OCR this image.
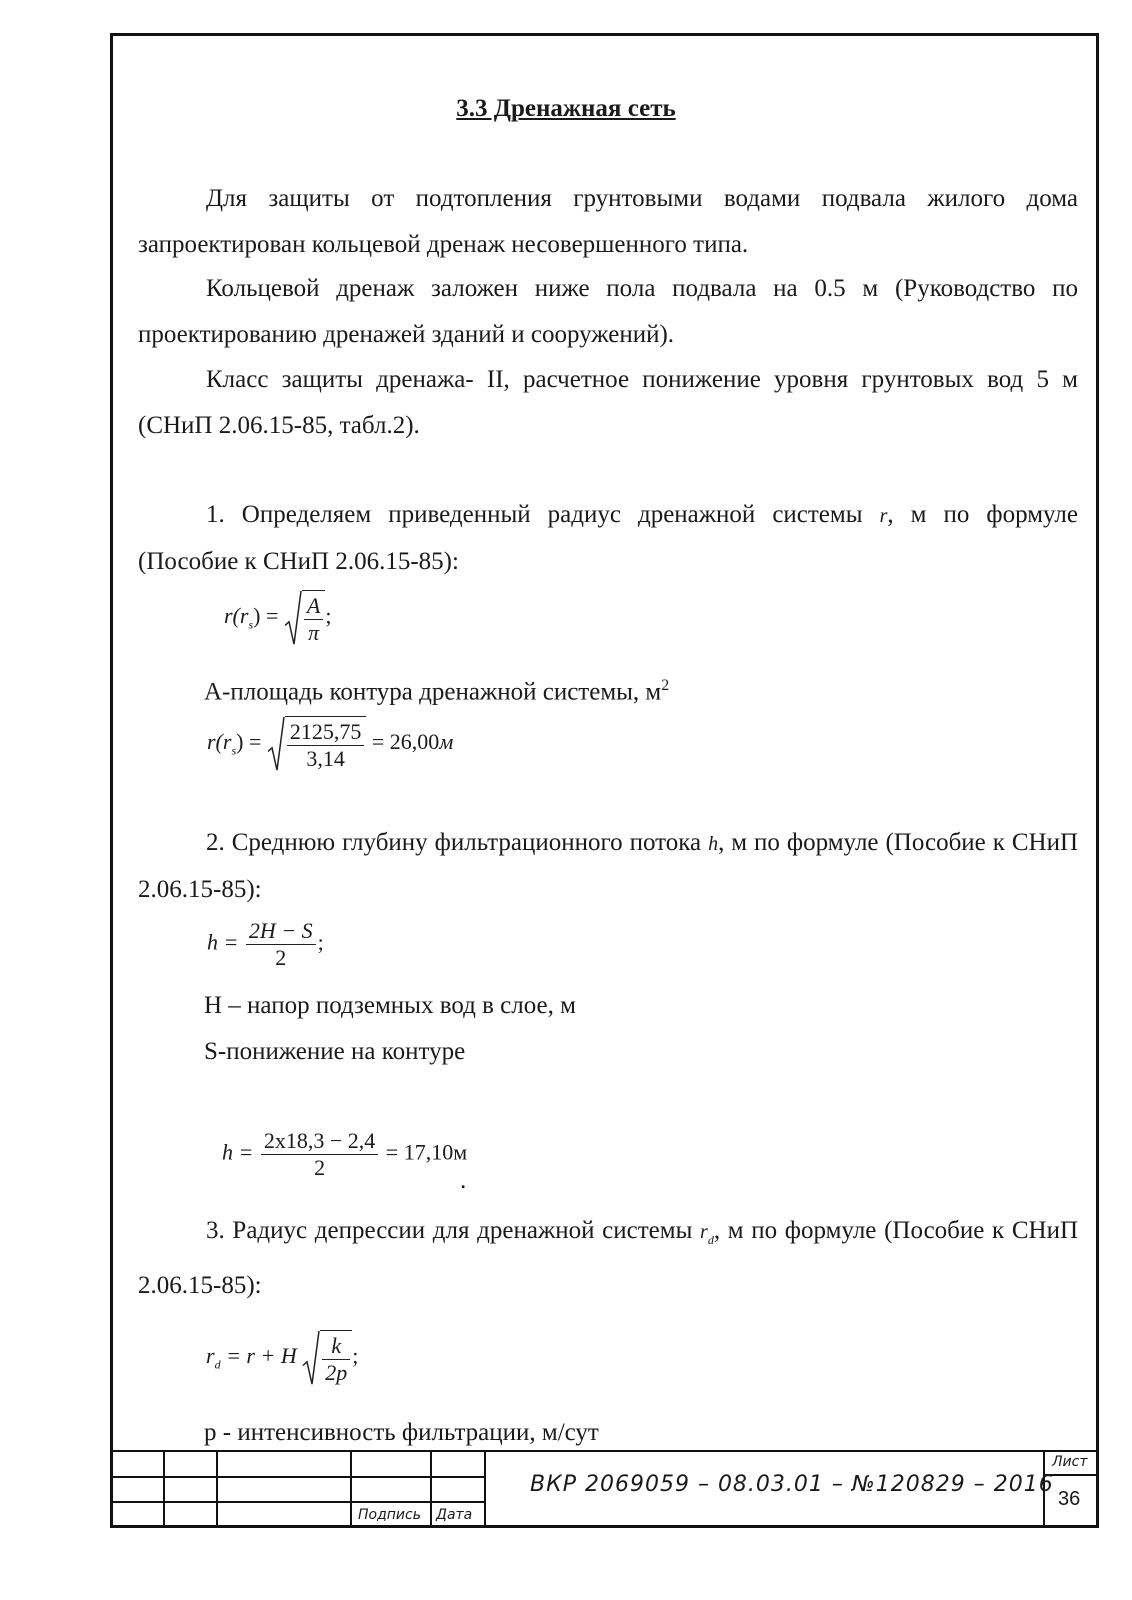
3.3 Дренажная сеть
Для защиты от подтопления грунтовыми водами подвала жилого дома запроектирован кольцевой дренаж несовершенного типа.
Кольцевой дренаж заложен ниже пола подвала на 0.5 м (Руководство по проектированию дренажей зданий и сооружений).
Класс защиты дренажа- II, расчетное понижение уровня грунтовых вод 5 м (СНиП 2.06.15-85, табл.2).
1. Определяем приведенный радиус дренажной системы r, м по формуле (Пособие к СНиП 2.06.15-85):
$r(r_s) = \frac{A}{\pi}$ ;
А-площадь контура дренажной системы, $м^2$
$r(r_s) = \frac{2125,75}{3,14} = 26,00м$
2. Среднюю глубину фильтрационного потока h, м по формуле (Пособие к СНиП 2.06.15-85):
$h = \frac{2H - S}{2}$ ;
H – напор подземных вод в слое, м
S-понижение на контуре
$h = \frac{2x18,3 - 2,4}{2} = 17,10м$
.
3. Радиус депрессии для дренажной системы $r_d$, м по формуле (Пособие к СНиП 2.06.15-85):
$r_d = r + H \frac{k}{2p}$ ;
p - интенсивность фильтрации, м/сут
Подпись Дата
Лист
ВКР 2069059 – 08.03.01 – №120829 – 2016
36
